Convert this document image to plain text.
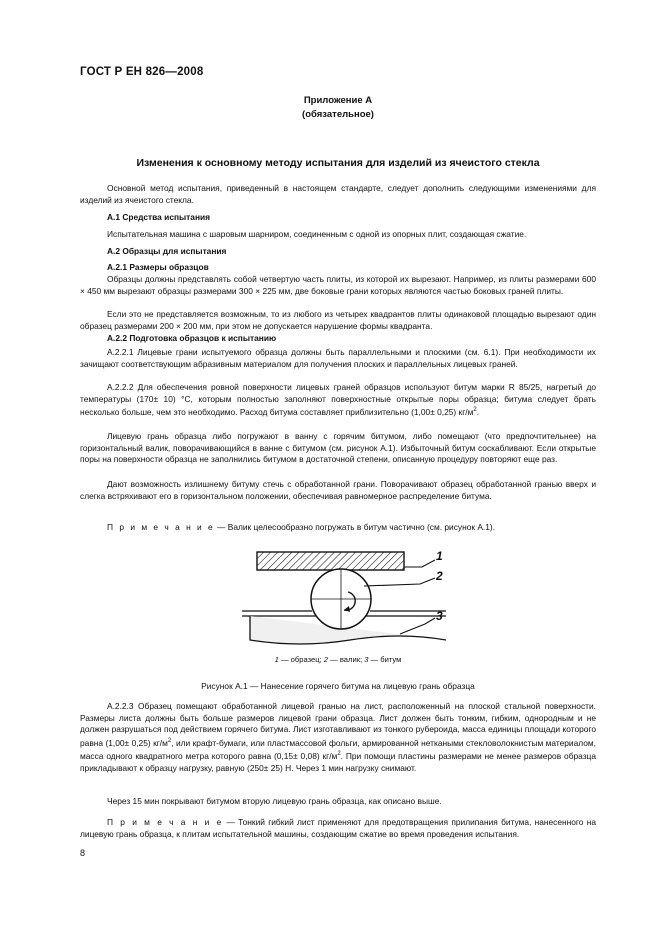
ГОСТ Р ЕН 826—2008
Приложение А
(обязательное)
Изменения к основному методу испытания для изделий из ячеистого стекла
Основной метод испытания, приведенный в настоящем стандарте, следует дополнить следующими изменениями для изделий из ячеистого стекла.
А.1 Средства испытания
Испытательная машина с шаровым шарниром, соединенным с одной из опорных плит, создающая сжатие.
А.2 Образцы для испытания
А.2.1 Размеры образцов
Образцы должны представлять собой четвертую часть плиты, из которой их вырезают. Например, из плиты размерами 600 × 450 мм вырезают образцы размерами 300 × 225 мм, две боковые грани которых являются частью боковых граней плиты.
Если это не представляется возможным, то из любого из четырех квадрантов плиты одинаковой площадью вырезают один образец размерами 200 × 200 мм, при этом не допускается нарушение формы квадранта.
А.2.2 Подготовка образцов к испытанию
А.2.2.1 Лицевые грани испытуемого образца должны быть параллельными и плоскими (см. 6.1). При необходимости их зачищают соответствующим абразивным материалом для получения плоских и параллельных лицевых граней.
А.2.2.2 Для обеспечения ровной поверхности лицевых граней образцов используют битум марки R 85/25, нагретый до температуры (170± 10) °С, которым полностью заполняют поверхностные открытые поры образца; битума следует брать несколько больше, чем это необходимо. Расход битума составляет приблизительно (1,00± 0,25) $кг/м^2$.
Лицевую грань образца либо погружают в ванну с горячим битумом, либо помещают (что предпочтительнее) на горизонтальный валик, поворачивающийся в ванне с битумом (см. рисунок А.1). Избыточный битум соскабливают. Если открытые поры на поверхности образца не заполнились битумом в достаточной степени, описанную процедуру повторяют еще раз.
Дают возможность излишнему битуму стечь с обработанной грани. Поворачивают образец обработанной гранью вверх и слегка встряхивают его в горизонтальном положении, обеспечивая равномерное распределение битума.
П р и м е ч а н и е — Валик целесообразно погружать в битум частично (см. рисунок А.1).
1
2
3
1 — образец; 2 — валик; 3 — битум
Рисунок А.1 — Нанесение горячего битума на лицевую грань образца
А.2.2.3 Образец помещают обработанной лицевой гранью на лист, расположенный на плоской стальной поверхности. Размеры листа должны быть больше размеров лицевой грани образца. Лист должен быть тонким, гибким, однородным и не должен разрушаться под действием горячего битума. Лист изготавливают из тонкого рубероида, масса единицы площади которого равна (1,00± 0,25) $кг/м^2$, или крафт-бумаги, или пластмассовой фольги, армированной неткаными стекловолокнистым материалом, масса одного квадратного метра которого равна (0,15± 0,08) $кг/м^2$. При помощи пластины размерами не менее размеров образца прикладывают к образцу нагрузку, равную (250± 25) Н. Через 1 мин нагрузку снимают.
Через 15 мин покрывают битумом вторую лицевую грань образца, как описано выше.
П р и м е ч а н и е — Тонкий гибкий лист применяют для предотвращения прилипания битума, нанесенного на лицевую грань образца, к плитам испытательной машины, создающим сжатие во время проведения испытания.
8
